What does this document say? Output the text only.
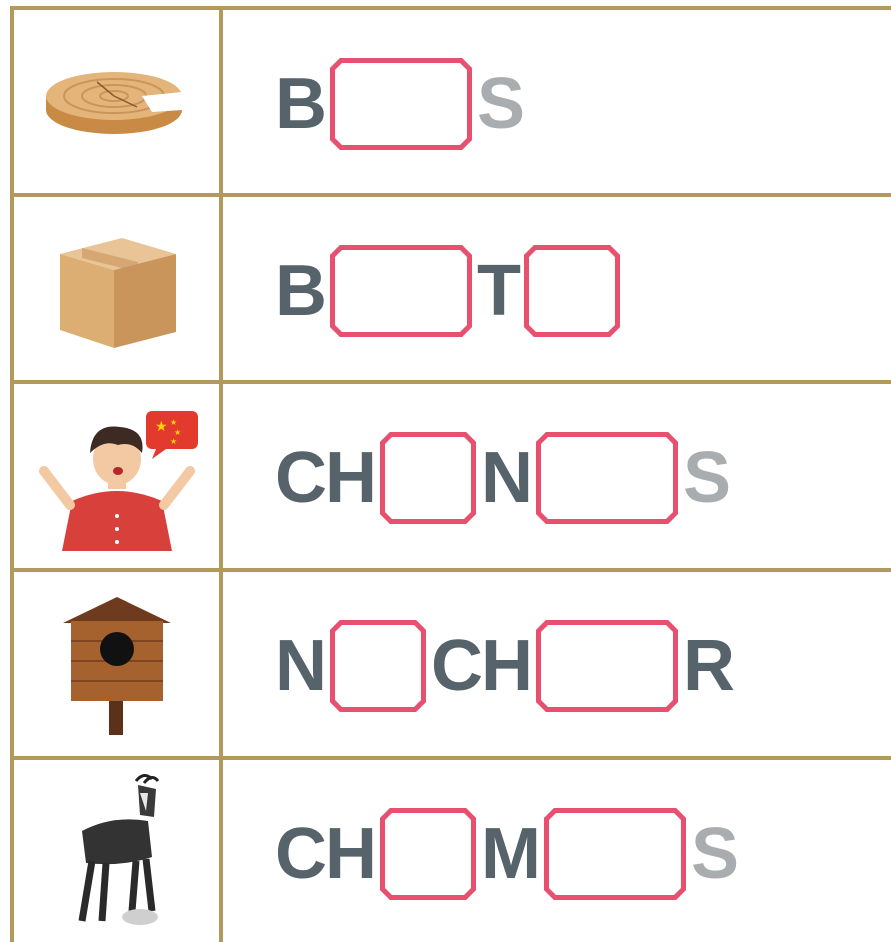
B S
B T
★ ★
★
★ CH N S
N CH R
CH M S
